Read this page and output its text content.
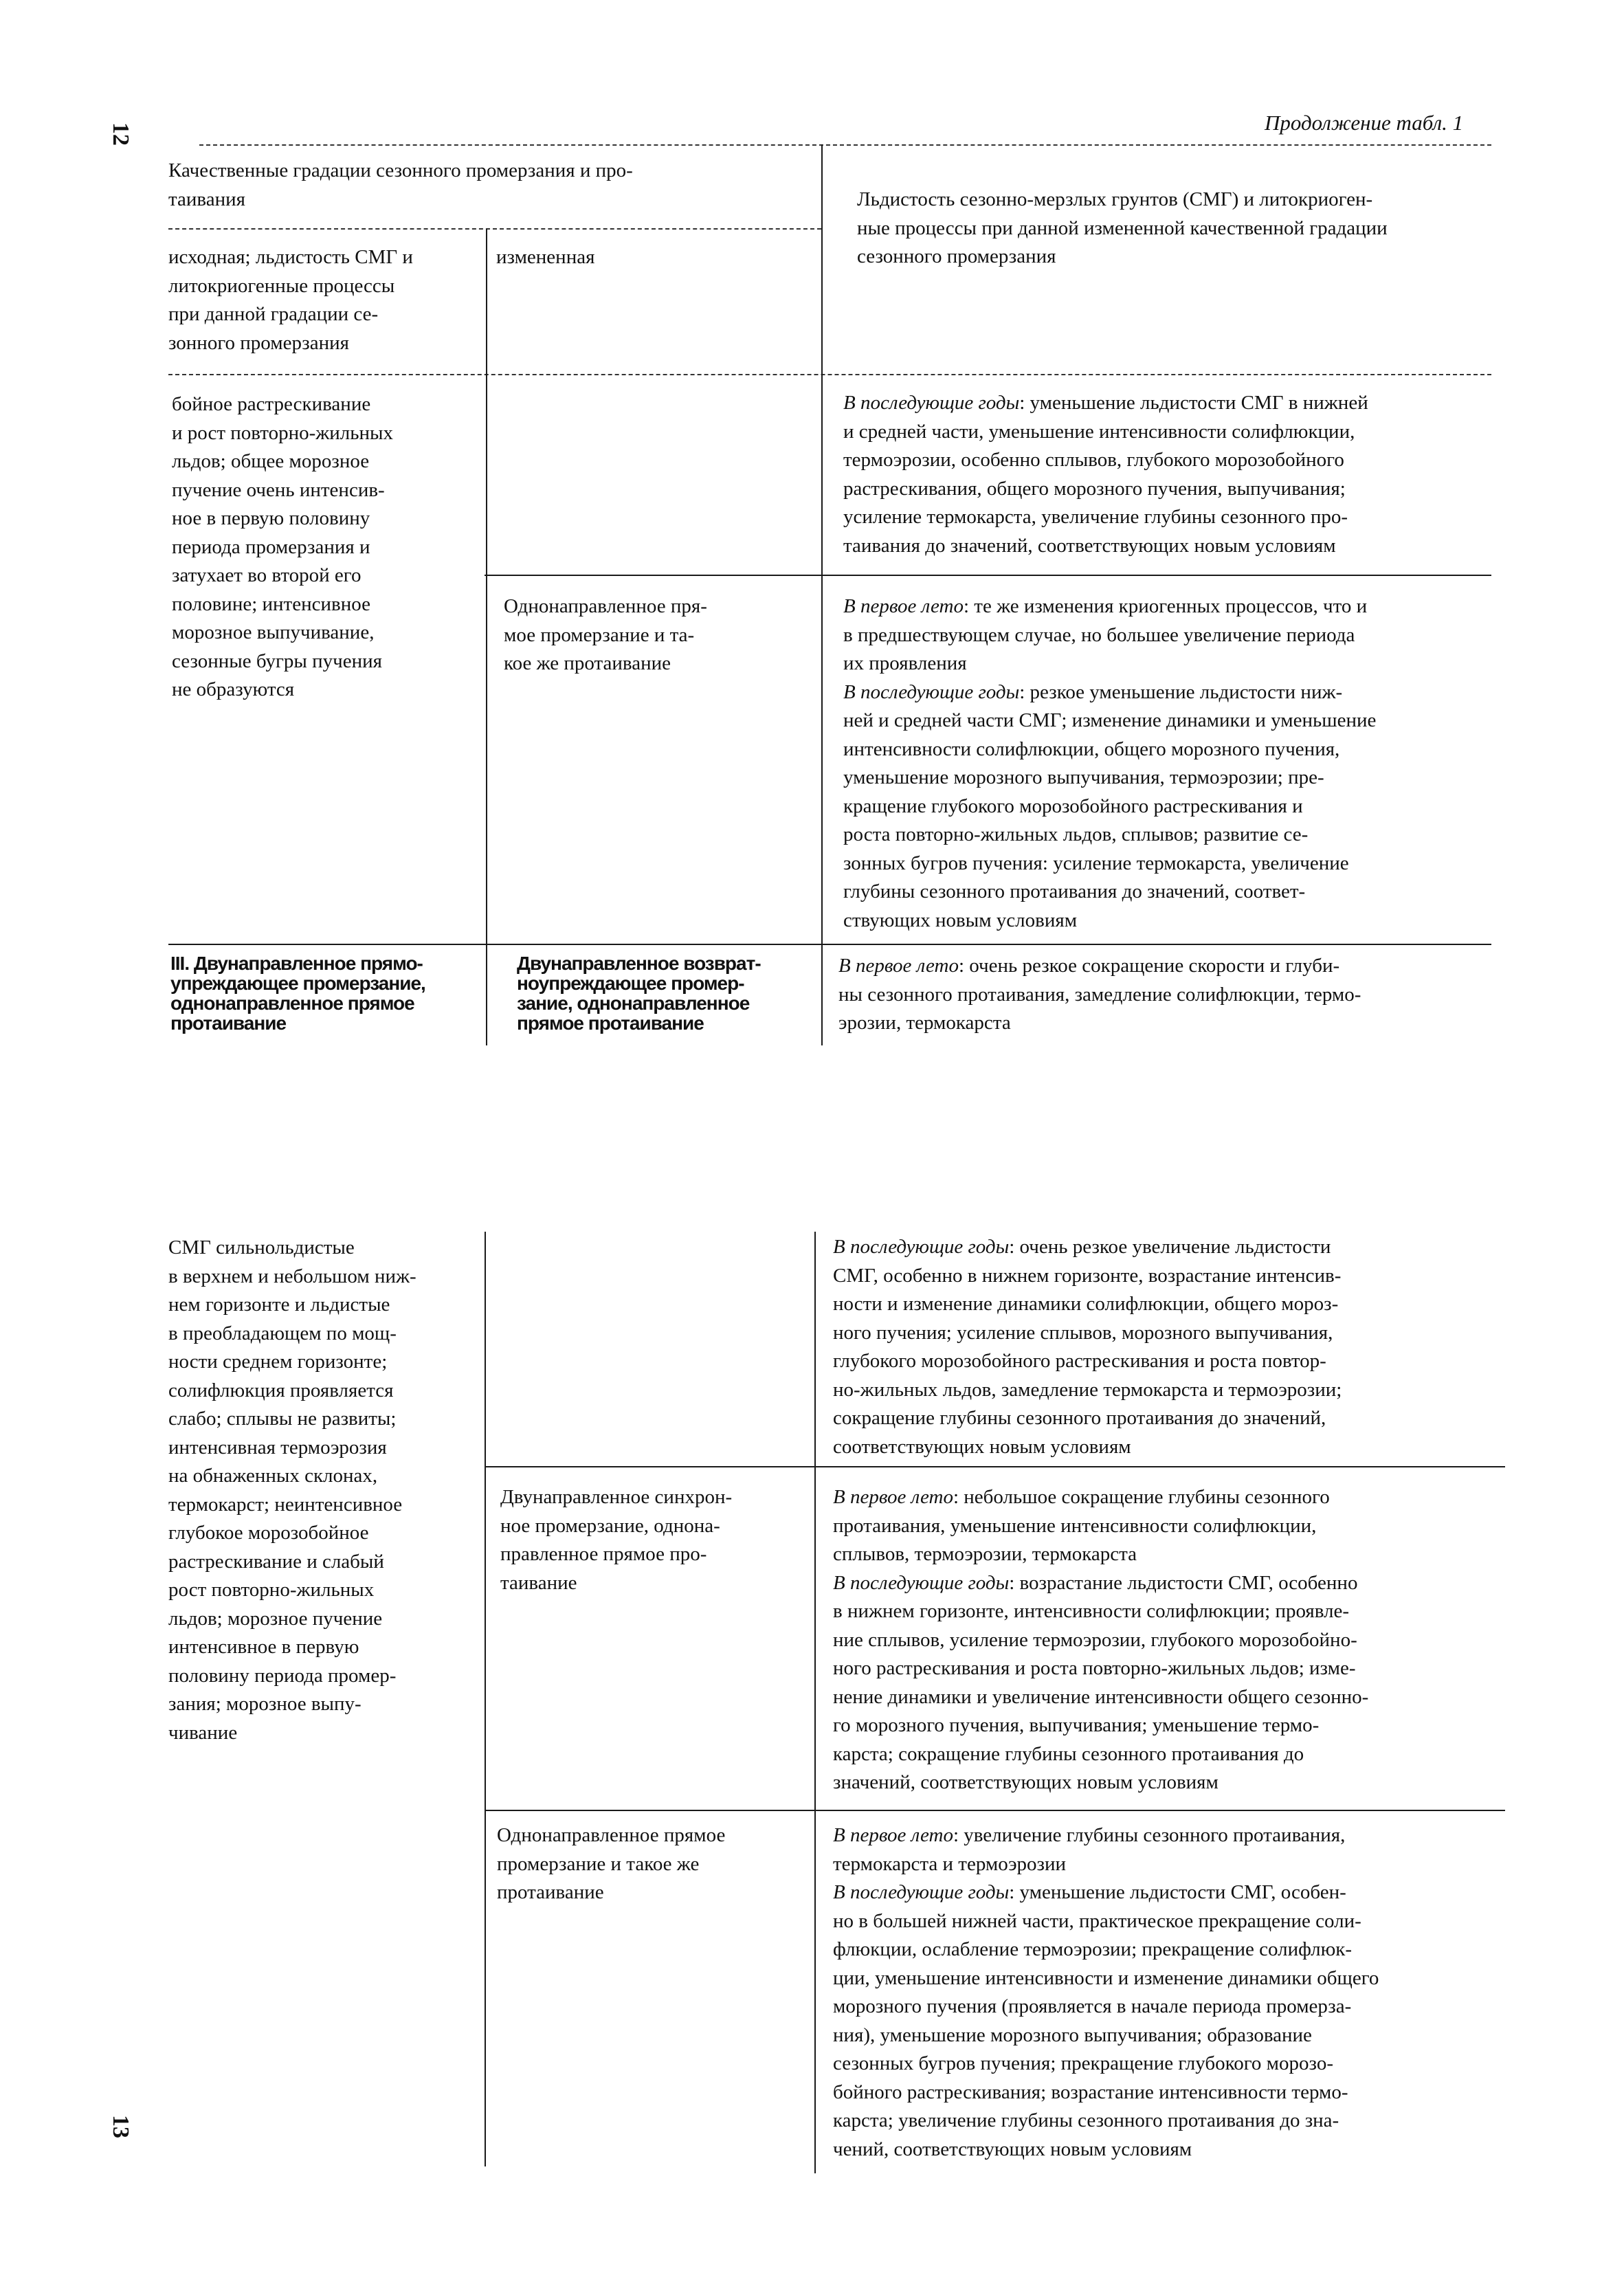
12
13
Продолжение табл. 1
Качественные градации сезонного промерзания и про-
таивания	Льдистость сезонно-мерзлых грунтов (СМГ) и литокриоген-
ные процессы при данной измененной качественной градации
сезонного промерзания
исходная; льдистость СМГ и
литокриогенные процессы
при данной градации се-
зонного промерзания
измененная
бойное растрескивание
и рост повторно-жильных
льдов; общее морозное
пучение очень интенсив-
ное в первую половину
периода промерзания и
затухает во второй его
половине; интенсивное
морозное выпучивание,
сезонные бугры пучения
не образуются
В последующие годы: уменьшение льдистости СМГ в нижней
и средней части, уменьшение интенсивности солифлюкции,
термоэрозии, особенно сплывов, глубокого морозобойного
растрескивания, общего морозного пучения, выпучивания;
усиление термокарста, увеличение глубины сезонного про-
таивания до значений, соответствующих новым условиям
Однонаправленное пря-
мое промерзание и та-
кое же протаивание
В первое лето: те же изменения криогенных процессов, что и
в предшествующем случае, но большее увеличение периода
их проявления
В последующие годы: резкое уменьшение льдистости ниж-
ней и средней части СМГ; изменение динамики и уменьшение
интенсивности солифлюкции, общего морозного пучения,
уменьшение морозного выпучивания, термоэрозии; пре-
кращение глубокого морозобойного растрескивания и
роста повторно-жильных льдов, сплывов; развитие се-
зонных бугров пучения: усиление термокарста, увеличение
глубины сезонного протаивания до значений, соответ-
ствующих новым условиям
III. Двунаправленное прямо-
упреждающее промерзание,
однонаправленное прямое
протаивание
Двунаправленное возврат-
ноупреждающее промер-
зание, однонаправленное
прямое протаивание
В первое лето: очень резкое сокращение скорости и глуби-
ны сезонного протаивания, замедление солифлюкции, термо-
эрозии, термокарста
СМГ сильнольдистые
в верхнем и небольшом ниж-
нем горизонте и льдистые
в преобладающем по мощ-
ности среднем горизонте;
солифлюкция проявляется
слабо; сплывы не развиты;
интенсивная термоэрозия
на обнаженных склонах,
термокарст; неинтенсивное
глубокое морозобойное
растрескивание и слабый
рост повторно-жильных
льдов; морозное пучение
интенсивное в первую
половину периода промер-
зания; морозное выпу-
чивание
В последующие годы: очень резкое увеличение льдистости
СМГ, особенно в нижнем горизонте, возрастание интенсив-
ности и изменение динамики солифлюкции, общего мороз-
ного пучения; усиление сплывов, морозного выпучивания,
глубокого морозобойного растрескивания и роста повтор-
но-жильных льдов, замедление термокарста и термоэрозии;
сокращение глубины сезонного протаивания до значений,
соответствующих новым условиям
Двунаправленное синхрон-
ное промерзание, однона-
правленное прямое про-
таивание
В первое лето: небольшое сокращение глубины сезонного
протаивания, уменьшение интенсивности солифлюкции,
сплывов, термоэрозии, термокарста
В последующие годы: возрастание льдистости СМГ, особенно
в нижнем горизонте, интенсивности солифлюкции; проявле-
ние сплывов, усиление термоэрозии, глубокого морозобойно-
ного растрескивания и роста повторно-жильных льдов; изме-
нение динамики и увеличение интенсивности общего сезонно-
го морозного пучения, выпучивания; уменьшение термо-
карста; сокращение глубины сезонного протаивания до
значений, соответствующих новым условиям
Однонаправленное прямое
промерзание и такое же
протаивание
В первое лето: увеличение глубины сезонного протаивания,
термокарста и термоэрозии
В последующие годы: уменьшение льдистости СМГ, особен-
но в большей нижней части, практическое прекращение соли-
флюкции, ослабление термоэрозии; прекращение солифлюк-
ции, уменьшение интенсивности и изменение динамики общего
морозного пучения (проявляется в начале периода промерза-
ния), уменьшение морозного выпучивания; образование
сезонных бугров пучения; прекращение глубокого морозо-
бойного растрескивания; возрастание интенсивности термо-
карста; увеличение глубины сезонного протаивания до зна-
чений, соответствующих новым условиям
